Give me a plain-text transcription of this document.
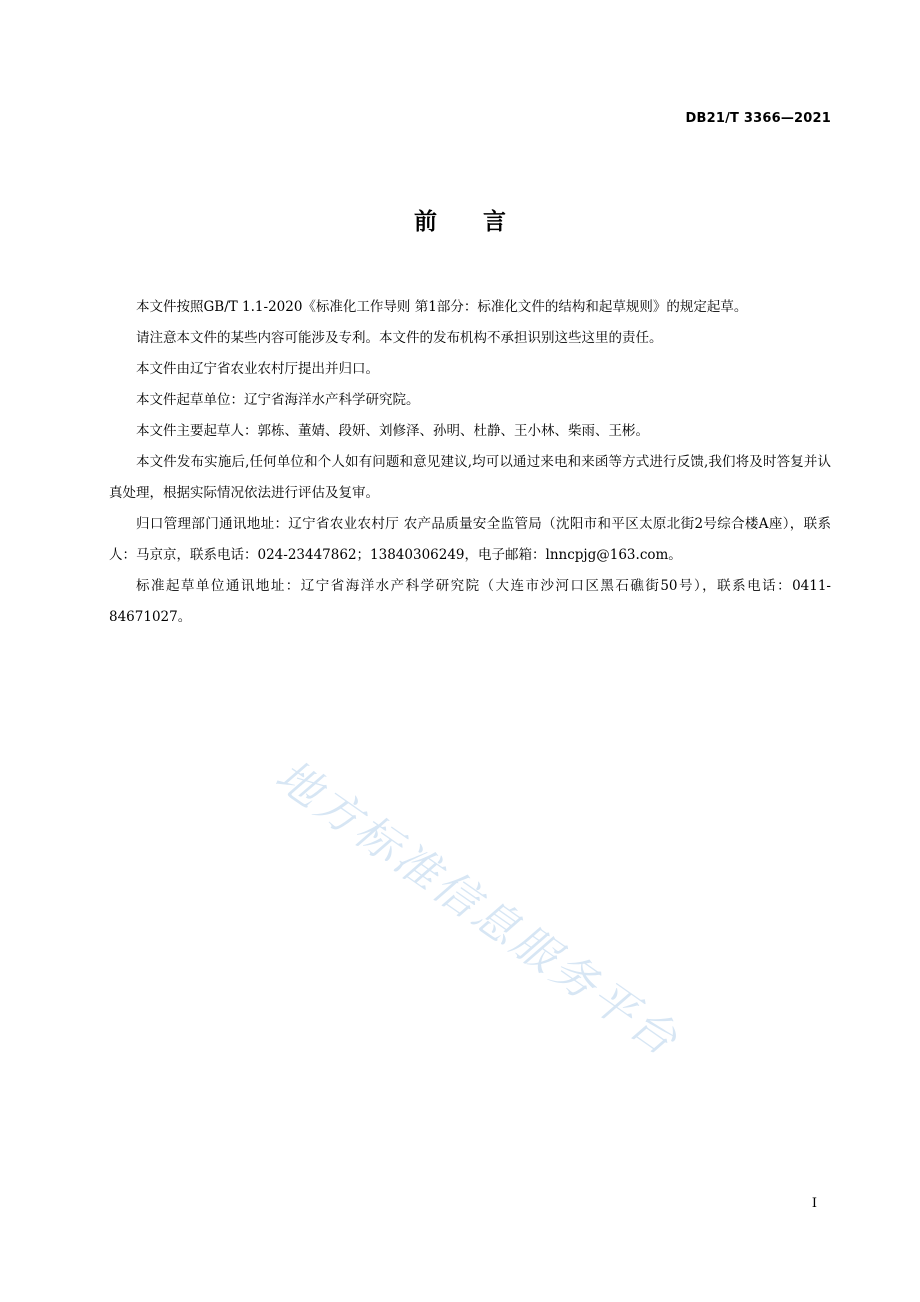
DB21/T 3366—2021
前　　言

本文件按照GB/T 1.1-2020《标准化工作导则 第1部分：标准化文件的结构和起草规则》的规定起草。

请注意本文件的某些内容可能涉及专利。本文件的发布机构不承担识别这些这里的责任。

本文件由辽宁省农业农村厅提出并归口。

本文件起草单位：辽宁省海洋水产科学研究院。

本文件主要起草人：郭栋、董婧、段妍、刘修泽、孙明、杜静、王小林、柴雨、王彬。

本文件发布实施后,任何单位和个人如有问题和意见建议,均可以通过来电和来函等方式进行反馈,我们将及时答复并认真处理，根据实际情况依法进行评估及复审。

归口管理部门通讯地址：辽宁省农业农村厅 农产品质量安全监管局（沈阳市和平区太原北街2号综合楼A座），联系人：马京京，联系电话：024-23447862；13840306249，电子邮箱：lnncpjg@163.com。

标准起草单位通讯地址：辽宁省海洋水产科学研究院（大连市沙河口区黑石礁街50号），联系电话：0411-84671027。

地方标准信息服务平台
I
